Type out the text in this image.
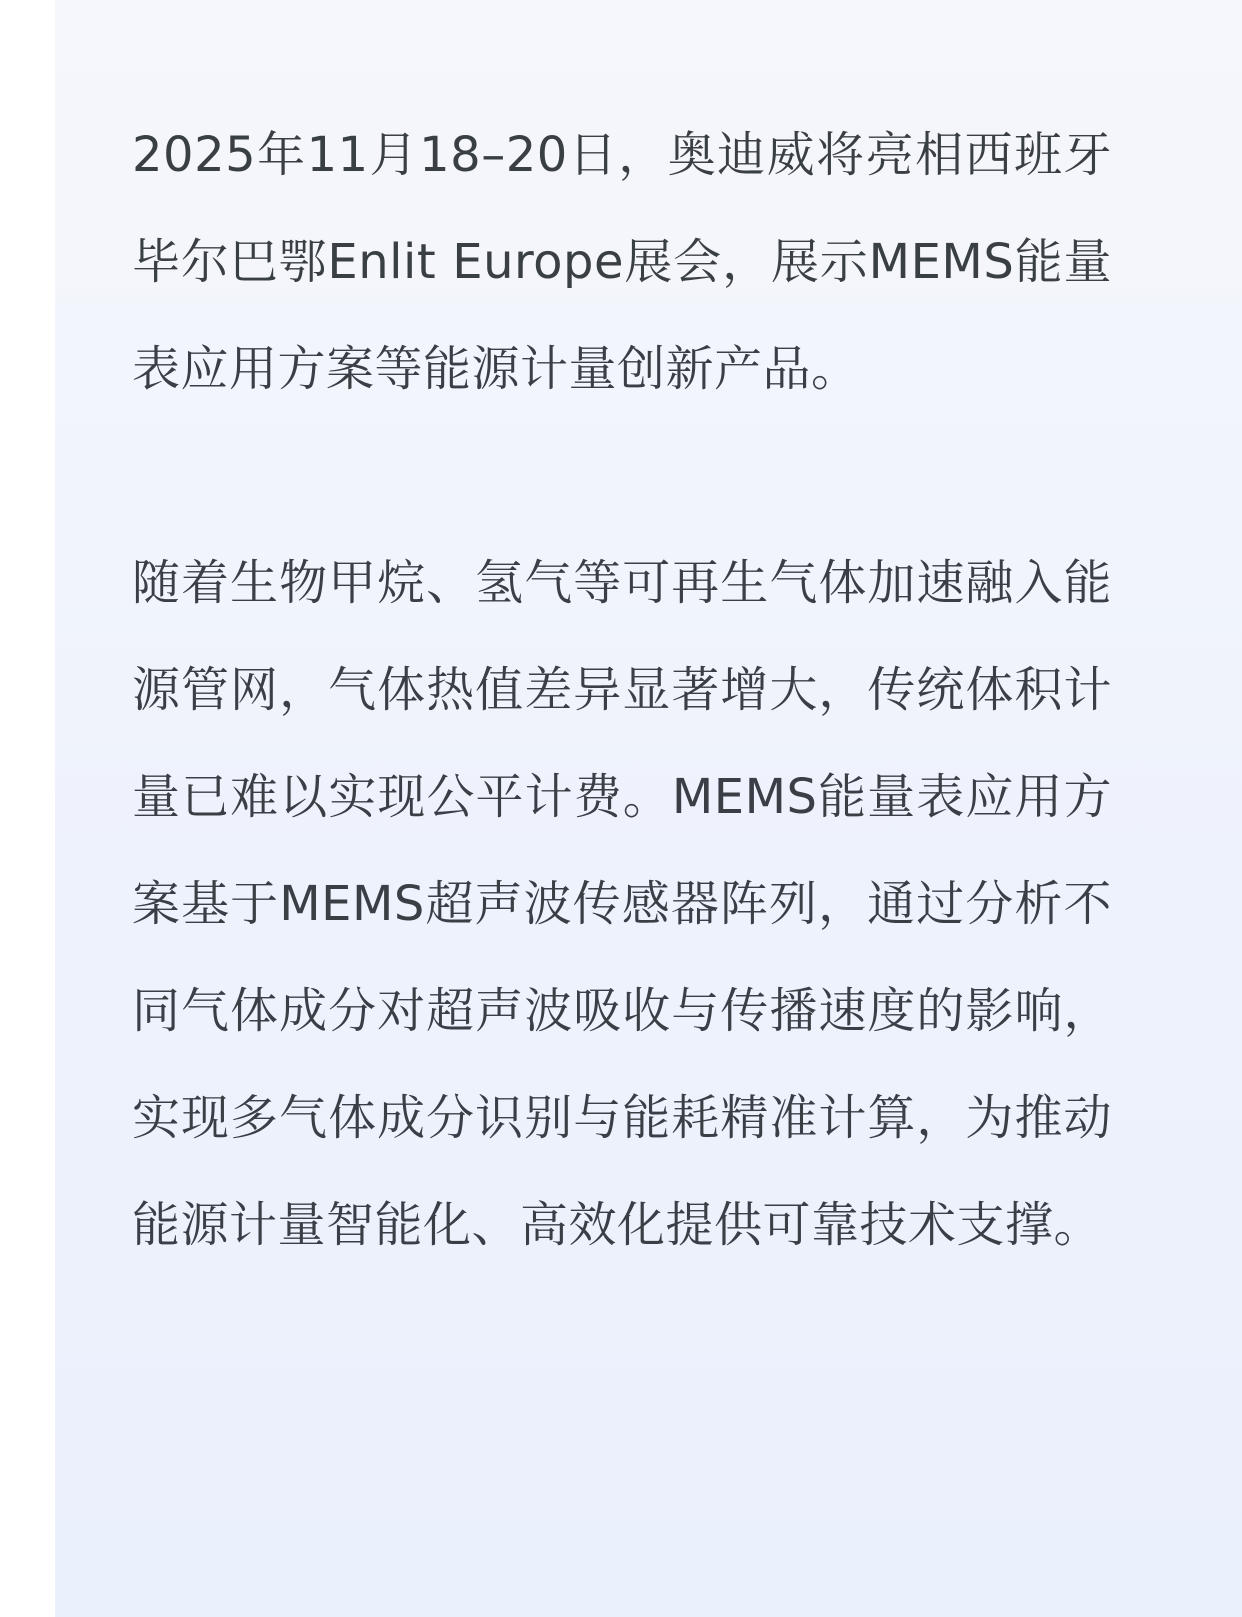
2025年11月18–20日，奥迪威将亮相西班牙毕尔巴鄂Enlit Europe展会，展示MEMS能量表应用方案等能源计量创新产品。

随着生物甲烷、氢气等可再生气体加速融入能源管网，气体热值差异显著增大，传统体积计量已难以实现公平计费。MEMS能量表应用方案基于MEMS超声波传感器阵列，通过分析不同气体成分对超声波吸收与传播速度的影响，实现多气体成分识别与能耗精准计算，为推动能源计量智能化、高效化提供可靠技术支撑。
